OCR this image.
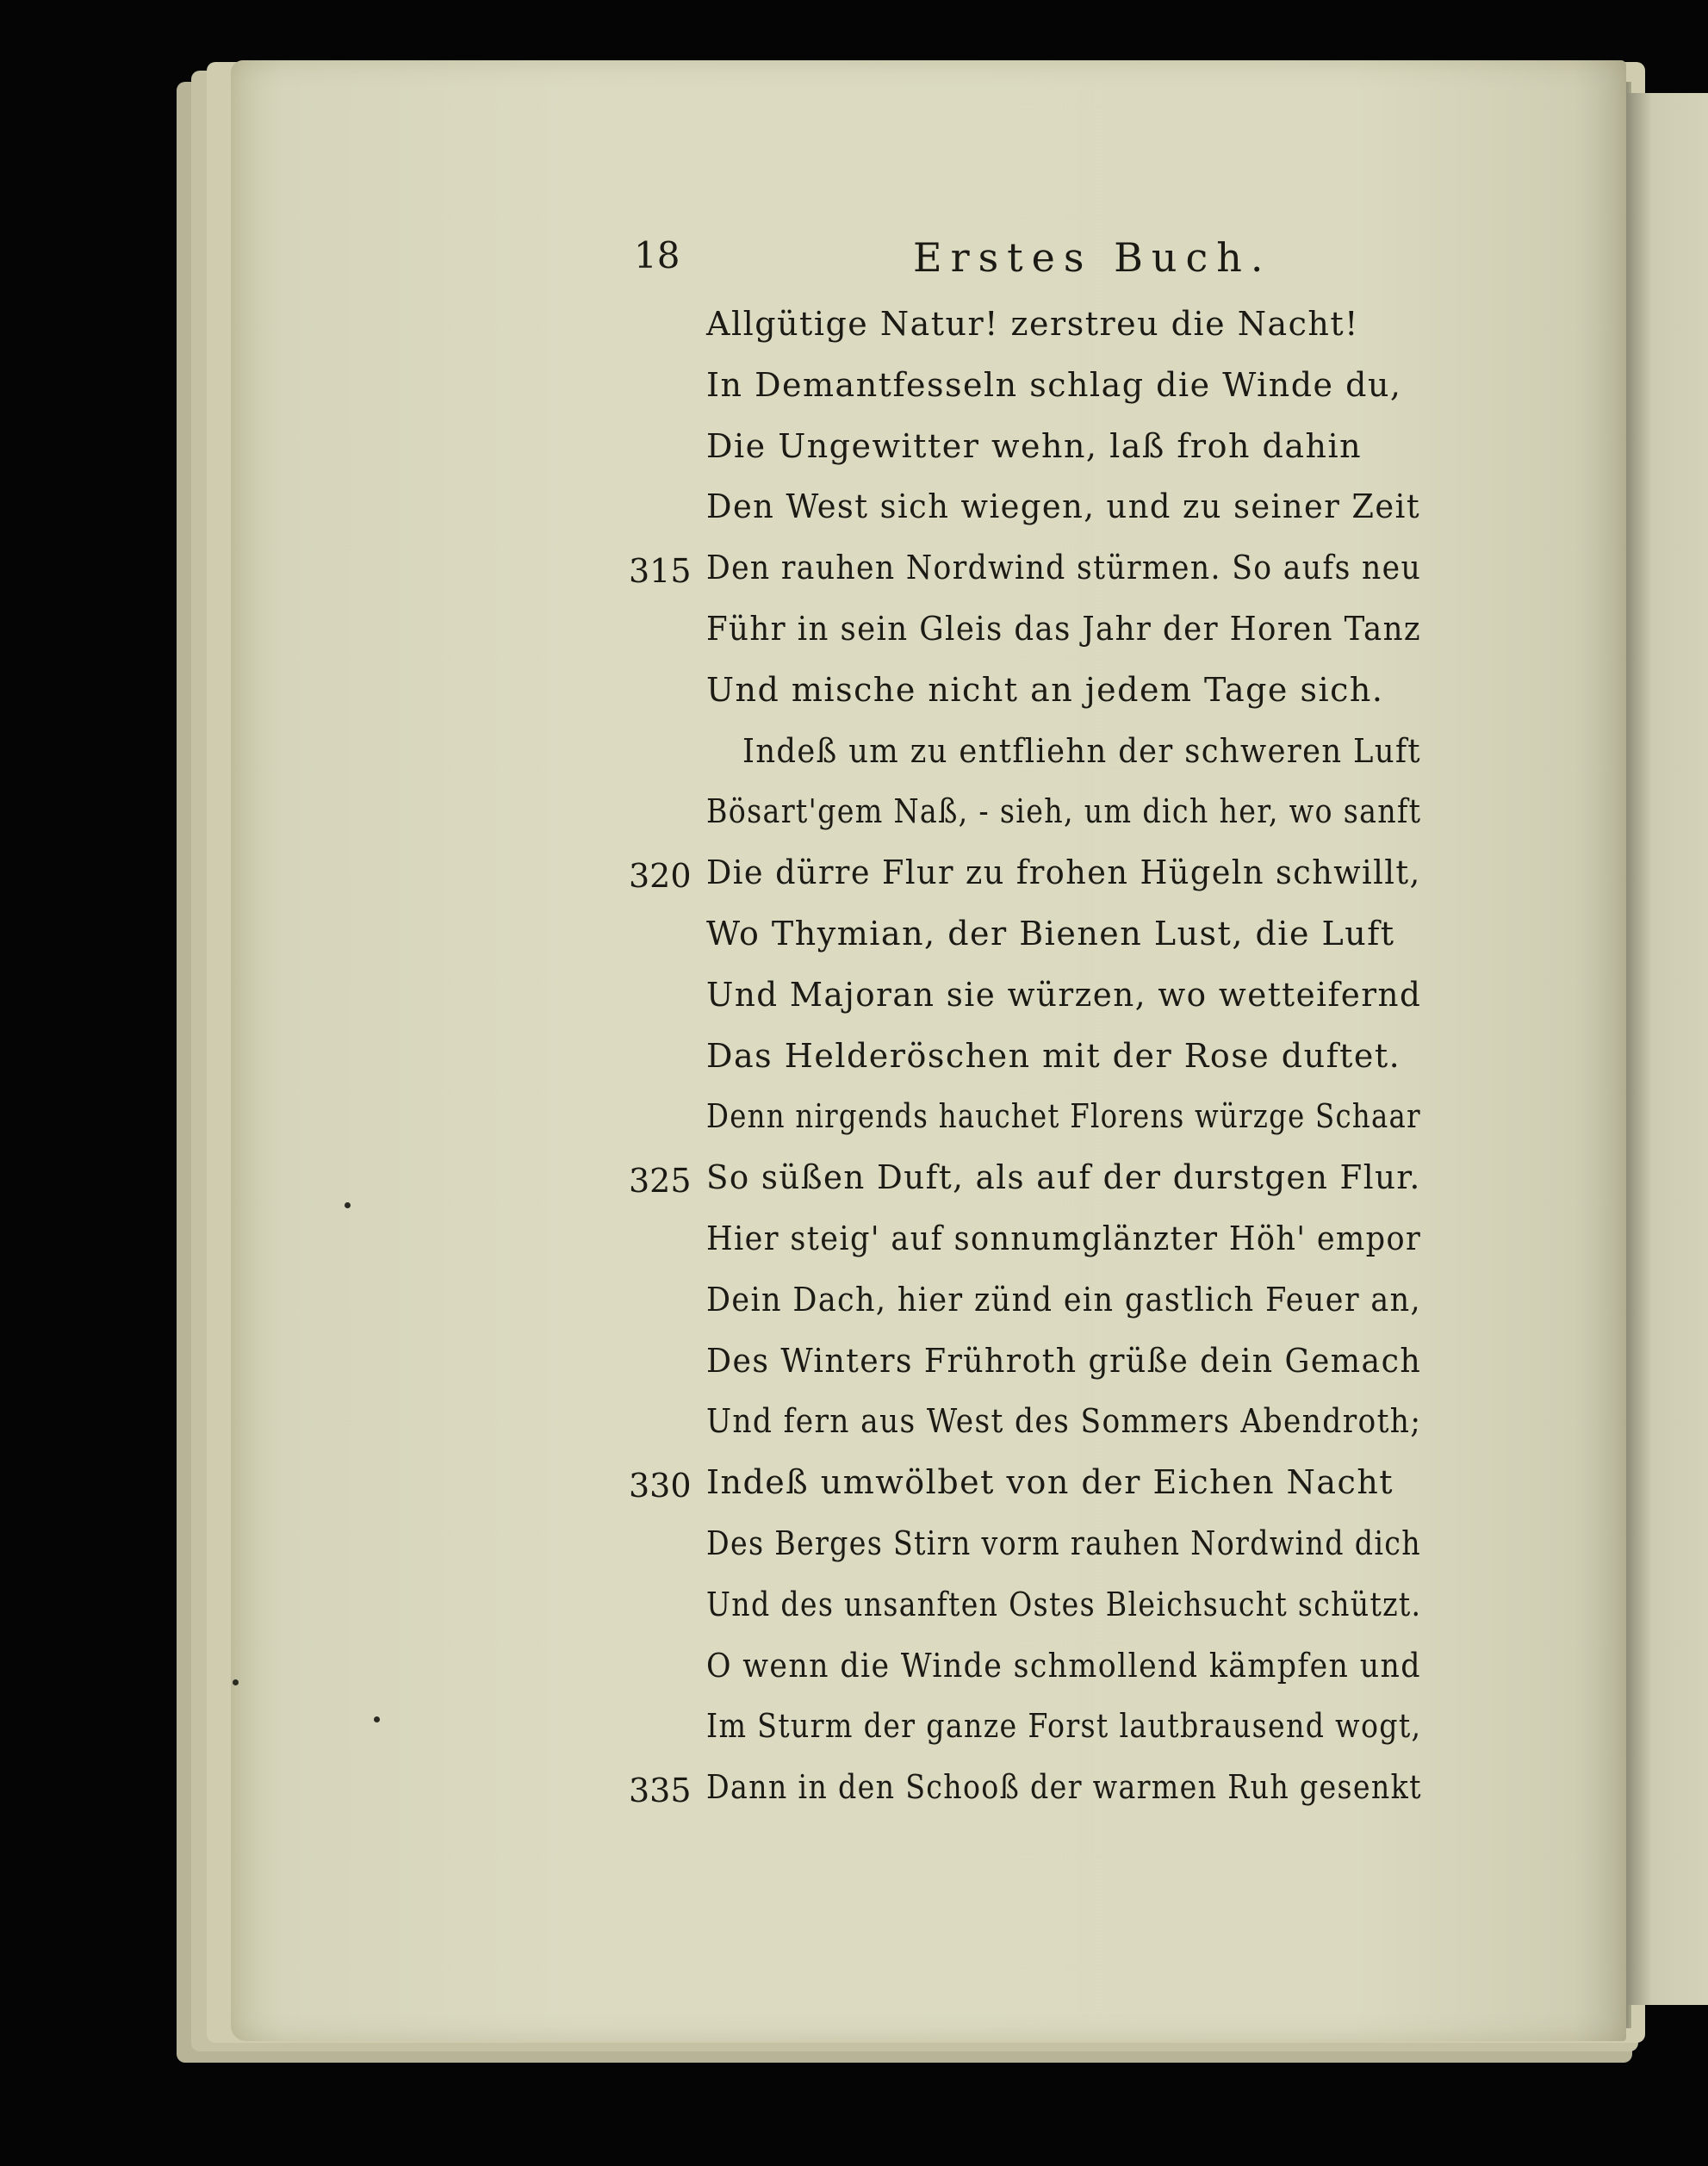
18	Erstes Buch.
Allgütige Natur! zerstreu die Nacht!
In Demantfesseln schlag die Winde du,
Die Ungewitter wehn, laß froh dahin
Den West sich wiegen, und zu seiner Zeit
315 Den rauhen Nordwind stürmen. So aufs neu
Führ in sein Gleis das Jahr der Horen Tanz
Und mische nicht an jedem Tage sich.
Indeß um zu entfliehn der schweren Luft
Bösart'gem Naß, - sieh, um dich her, wo sanft
320 Die dürre Flur zu frohen Hügeln schwillt,
Wo Thymian, der Bienen Lust, die Luft
Und Majoran sie würzen, wo wetteifernd
Das Helderöschen mit der Rose duftet.
Denn nirgends hauchet Florens würzge Schaar
325 So süßen Duft, als auf der durstgen Flur.
Hier steig' auf sonnumglänzter Höh' empor
Dein Dach, hier zünd ein gastlich Feuer an,
Des Winters Frühroth grüße dein Gemach
Und fern aus West des Sommers Abendroth;
330 Indeß umwölbet von der Eichen Nacht
Des Berges Stirn vorm rauhen Nordwind dich
Und des unsanften Ostes Bleichsucht schützt.
O wenn die Winde schmollend kämpfen und
Im Sturm der ganze Forst lautbrausend wogt,
335 Dann in den Schooß der warmen Ruh gesenkt
